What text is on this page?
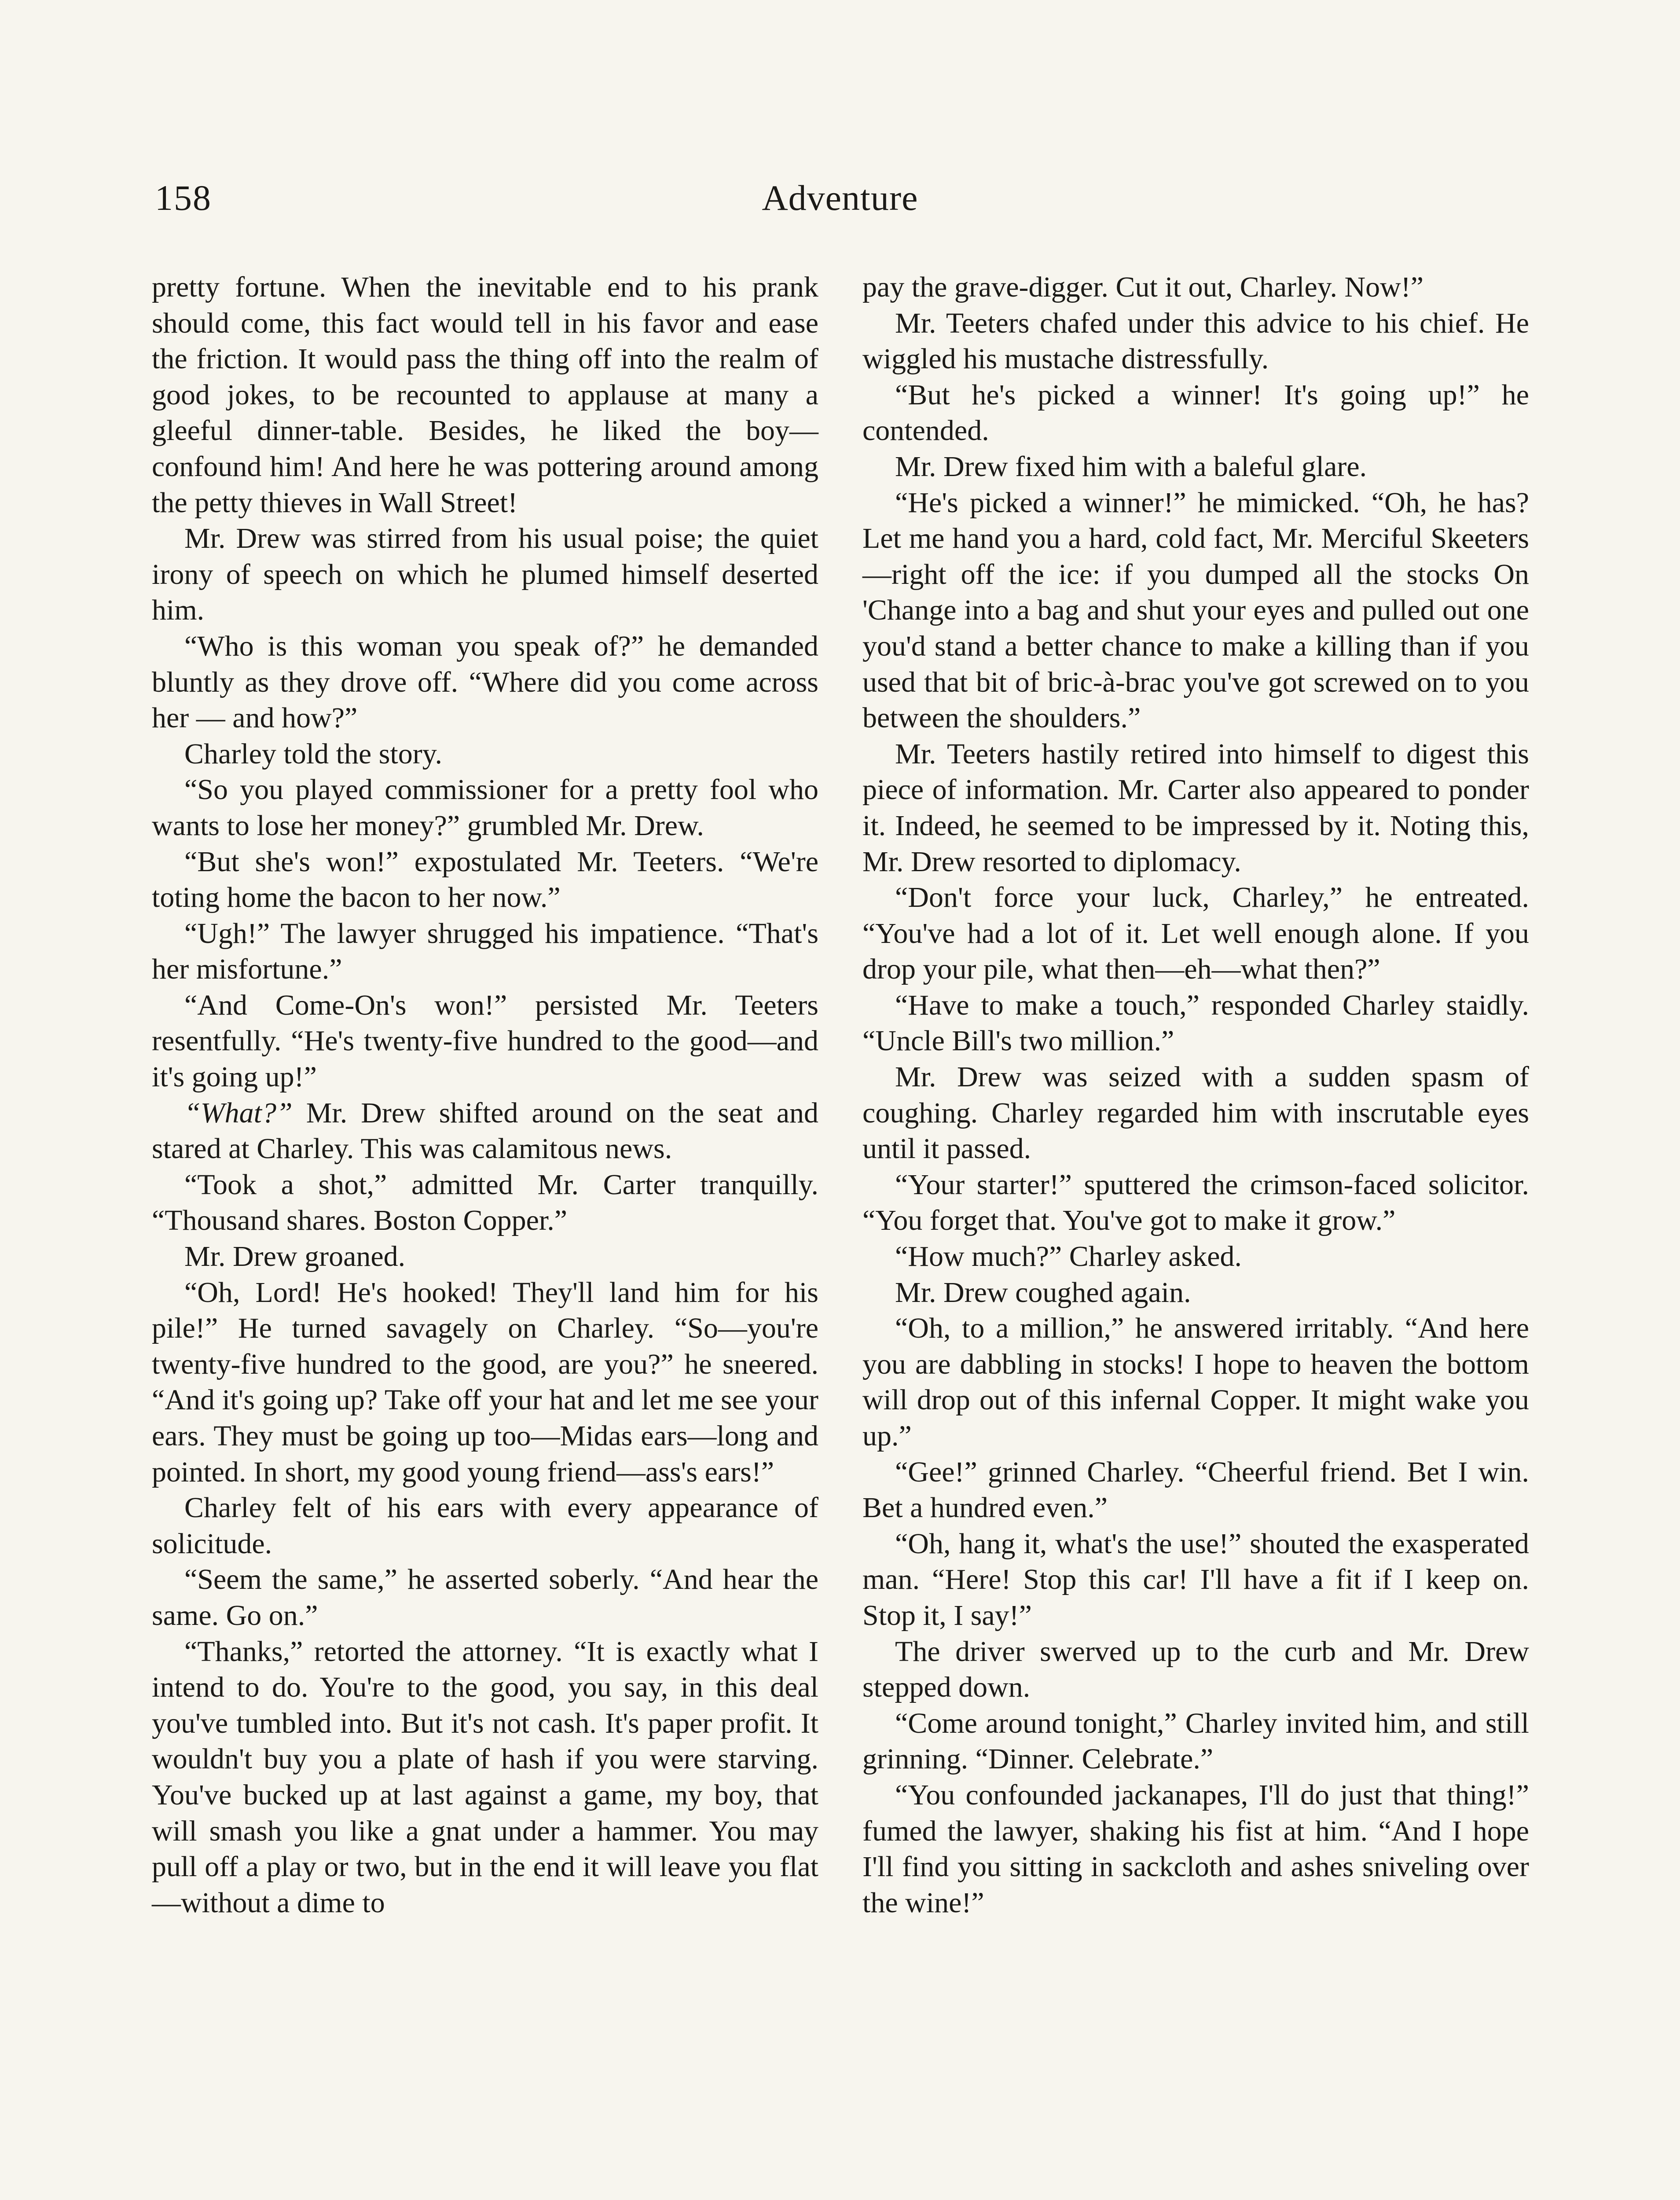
158	Adventure

pretty fortune. When the inevitable end to his prank should come, this fact would tell in his favor and ease the friction. It would pass the thing off into the realm of good jokes, to be recounted to applause at many a gleeful dinner-table. Besides, he liked the boy—confound him! And here he was pottering around among the petty thieves in Wall Street!

Mr. Drew was stirred from his usual poise; the quiet irony of speech on which he plumed himself deserted him.

“Who is this woman you speak of?” he demanded bluntly as they drove off. “Where did you come across her — and how?”

Charley told the story.

“So you played commissioner for a pretty fool who wants to lose her money?” grumbled Mr. Drew.

“But she's won!” expostulated Mr. Teeters. “We're toting home the bacon to her now.”

“Ugh!” The lawyer shrugged his impatience. “That's her misfortune.”

“And Come-On's won!” persisted Mr. Teeters resentfully. “He's twenty-five hundred to the good—and it's going up!”

“What?” Mr. Drew shifted around on the seat and stared at Charley. This was calamitous news.

“Took a shot,” admitted Mr. Carter tranquilly. “Thousand shares. Boston Copper.”

Mr. Drew groaned.

“Oh, Lord! He's hooked! They'll land him for his pile!” He turned savagely on Charley. “So—you're twenty-five hundred to the good, are you?” he sneered. “And it's going up? Take off your hat and let me see your ears. They must be going up too—Midas ears—long and pointed. In short, my good young friend—ass's ears!”

Charley felt of his ears with every appearance of solicitude.

“Seem the same,” he asserted soberly. “And hear the same. Go on.”

“Thanks,” retorted the attorney. “It is exactly what I intend to do. You're to the good, you say, in this deal you've tumbled into. But it's not cash. It's paper profit. It wouldn't buy you a plate of hash if you were starving. You've bucked up at last against a game, my boy, that will smash you like a gnat under a hammer. You may pull off a play or two, but in the end it will leave you flat—without a dime to

pay the grave-digger. Cut it out, Charley. Now!”

Mr. Teeters chafed under this advice to his chief. He wiggled his mustache distressfully.

“But he's picked a winner! It's going up!” he contended.

Mr. Drew fixed him with a baleful glare.

“He's picked a winner!” he mimicked. “Oh, he has? Let me hand you a hard, cold fact, Mr. Merciful Skeeters—right off the ice: if you dumped all the stocks On 'Change into a bag and shut your eyes and pulled out one you'd stand a better chance to make a killing than if you used that bit of bric-à-brac you've got screwed on to you between the shoulders.”

Mr. Teeters hastily retired into himself to digest this piece of information. Mr. Carter also appeared to ponder it. Indeed, he seemed to be impressed by it. Noting this, Mr. Drew resorted to diplomacy.

“Don't force your luck, Charley,” he entreated. “You've had a lot of it. Let well enough alone. If you drop your pile, what then—eh—what then?”

“Have to make a touch,” responded Charley staidly. “Uncle Bill's two million.”

Mr. Drew was seized with a sudden spasm of coughing. Charley regarded him with inscrutable eyes until it passed.

“Your starter!” sputtered the crimson-faced solicitor. “You forget that. You've got to make it grow.”

“How much?” Charley asked.

Mr. Drew coughed again.

“Oh, to a million,” he answered irritably. “And here you are dabbling in stocks! I hope to heaven the bottom will drop out of this infernal Copper. It might wake you up.”

“Gee!” grinned Charley. “Cheerful friend. Bet I win. Bet a hundred even.”

“Oh, hang it, what's the use!” shouted the exasperated man. “Here! Stop this car! I'll have a fit if I keep on. Stop it, I say!”

The driver swerved up to the curb and Mr. Drew stepped down.

“Come around tonight,” Charley invited him, and still grinning. “Dinner. Celebrate.”

“You confounded jackanapes, I'll do just that thing!” fumed the lawyer, shaking his fist at him. “And I hope I'll find you sitting in sackcloth and ashes sniveling over the wine!”
